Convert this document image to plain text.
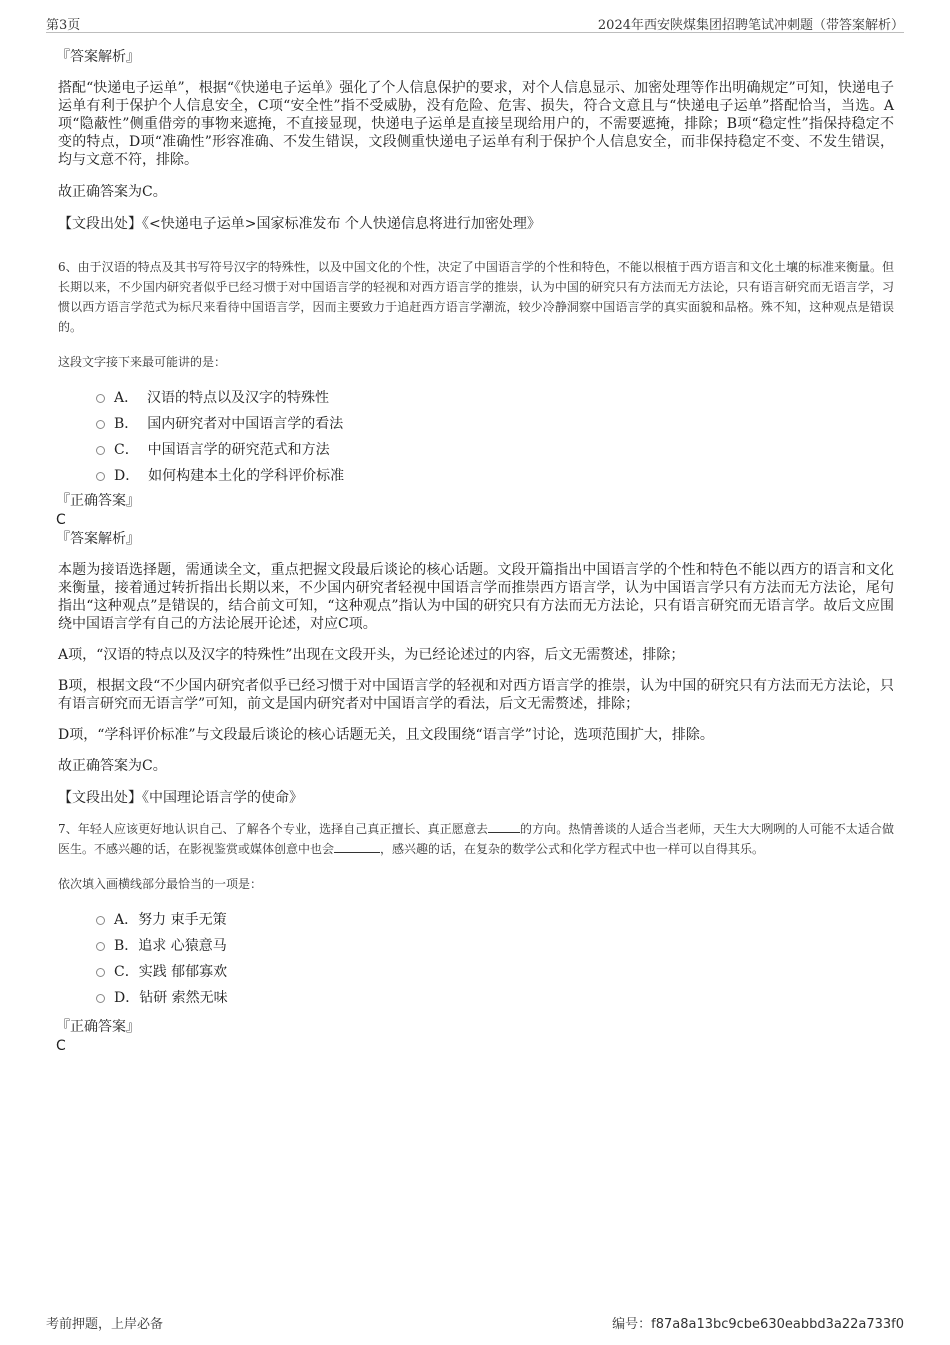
第3页	2024年西安陕煤集团招聘笔试冲刺题（带答案解析）
『答案解析』

搭配“快递电子运单”，根据“《快递电子运单》强化了个人信息保护的要求，对个人信息显示、加密处理等作出明确规定”可知，快递电子运单有利于保护个人信息安全，C项“安全性”指不受威胁，没有危险、危害、损失，符合文意且与“快递电子运单”搭配恰当，当选。A项“隐蔽性”侧重借旁的事物来遮掩，不直接显现，快递电子运单是直接呈现给用户的，不需要遮掩，排除；B项“稳定性”指保持稳定不变的特点，D项“准确性”形容准确、不发生错误，文段侧重快递电子运单有利于保护个人信息安全，而非保持稳定不变、不发生错误，均与文意不符，排除。

故正确答案为C。

【文段出处】《<快递电子运单>国家标准发布 个人快递信息将进行加密处理》

6、由于汉语的特点及其书写符号汉字的特殊性，以及中国文化的个性，决定了中国语言学的个性和特色，不能以根植于西方语言和文化土壤的标准来衡量。但长期以来，不少国内研究者似乎已经习惯于对中国语言学的轻视和对西方语言学的推崇，认为中国的研究只有方法而无方法论，只有语言研究而无语言学，习惯以西方语言学范式为标尺来看待中国语言学，因而主要致力于追赶西方语言学潮流，较少冷静洞察中国语言学的真实面貌和品格。殊不知，这种观点是错误的。

这段文字接下来最可能讲的是：

A． 汉语的特点以及汉字的特殊性
B． 国内研究者对中国语言学的看法
C． 中国语言学的研究范式和方法
D． 如何构建本土化的学科评价标准
『正确答案』
C
『答案解析』

本题为接语选择题，需通读全文，重点把握文段最后谈论的核心话题。文段开篇指出中国语言学的个性和特色不能以西方的语言和文化来衡量，接着通过转折指出长期以来，不少国内研究者轻视中国语言学而推崇西方语言学，认为中国语言学只有方法而无方法论，尾句指出“这种观点”是错误的，结合前文可知，“这种观点”指认为中国的研究只有方法而无方法论，只有语言研究而无语言学。故后文应围绕中国语言学有自己的方法论展开论述，对应C项。

A项，“汉语的特点以及汉字的特殊性”出现在文段开头，为已经论述过的内容，后文无需赘述，排除；

B项，根据文段“不少国内研究者似乎已经习惯于对中国语言学的轻视和对西方语言学的推崇，认为中国的研究只有方法而无方法论，只有语言研究而无语言学”可知，前文是国内研究者对中国语言学的看法，后文无需赘述，排除；

D项，“学科评价标准”与文段最后谈论的核心话题无关，且文段围绕“语言学”讨论，选项范围扩大，排除。

故正确答案为C。

【文段出处】《中国理论语言学的使命》

7、年轻人应该更好地认识自己、了解各个专业，选择自己真正擅长、真正愿意去	的方向。热情善谈的人适合当老师，天生大大咧咧的人可能不太适合做医生。不感兴趣的话，在影视鉴赏或媒体创意中也会	，感兴趣的话，在复杂的数学公式和化学方程式中也一样可以自得其乐。

依次填入画横线部分最恰当的一项是：

A．努力 束手无策
B．追求 心猿意马
C．实践 郁郁寡欢
D．钻研 索然无味
『正确答案』
C
考前押题，上岸必备	编号：f87a8a13bc9cbe630eabbd3a22a733f0
